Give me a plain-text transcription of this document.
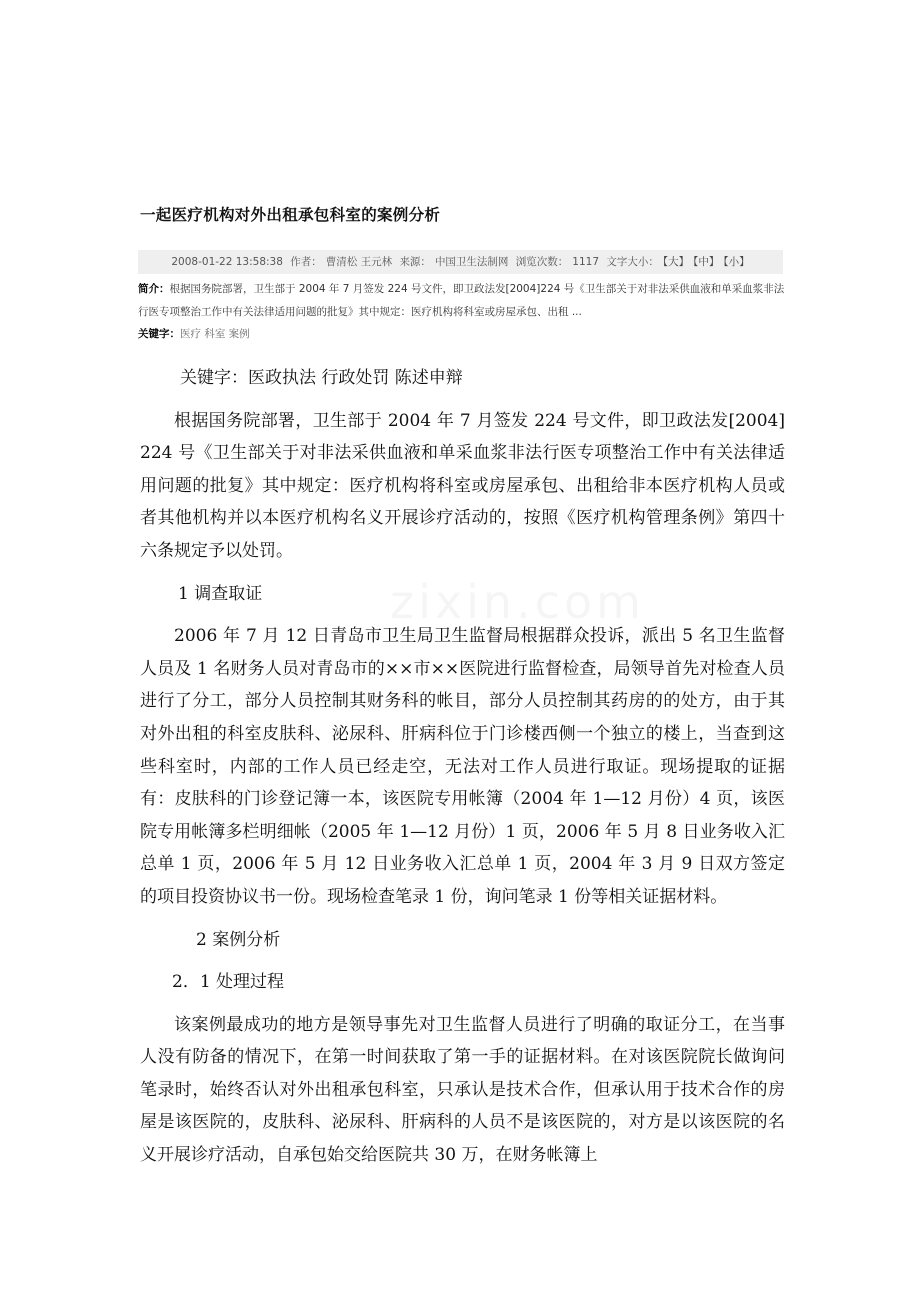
一起医疗机构对外出租承包科室的案例分析
2008-01-22 13:58:38 作者： 曹清松 王元林 来源： 中国卫生法制网 浏览次数： 1117 文字大小： 【大】 【中】 【小】
简介：根据国务院部署，卫生部于 2004 年 7 月签发 224 号文件，即卫政法发[2004]224 号《卫生部关于对非法采供血液和单采血浆非法行医专项整治工作中有关法律适用问题的批复》其中规定：医疗机构将科室或房屋承包、出租 ...
关键字：医疗 科室 案例

关键字：医政执法 行政处罚 陈述申辩

根据国务院部署，卫生部于 2004 年 7 月签发 224 号文件，即卫政法发[2004] 224 号《卫生部关于对非法采供血液和单采血浆非法行医专项整治工作中有关法律适用问题的批复》其中规定：医疗机构将科室或房屋承包、出租给非本医疗机构人员或者其他机构并以本医疗机构名义开展诊疗活动的，按照《医疗机构管理条例》第四十六条规定予以处罚。

1 调查取证

2006 年 7 月 12 日青岛市卫生局卫生监督局根据群众投诉，派出 5 名卫生监督人员及 1 名财务人员对青岛市的××市××医院进行监督检查，局领导首先对检查人员进行了分工，部分人员控制其财务科的帐目，部分人员控制其药房的的处方，由于其对外出租的科室皮肤科、泌尿科、肝病科位于门诊楼西侧一个独立的楼上，当查到这些科室时，内部的工作人员已经走空，无法对工作人员进行取证。现场提取的证据有：皮肤科的门诊登记簿一本，该医院专用帐簿（2004 年 1—12 月份）4 页，该医院专用帐簿多栏明细帐（2005 年 1—12 月份）1 页，2006 年 5 月 8 日业务收入汇总单 1 页，2006 年 5 月 12 日业务收入汇总单 1 页，2004 年 3 月 9 日双方签定的项目投资协议书一份。现场检查笔录 1 份，询问笔录 1 份等相关证据材料。

2 案例分析

2．1 处理过程

该案例最成功的地方是领导事先对卫生监督人员进行了明确的取证分工，在当事人没有防备的情况下，在第一时间获取了第一手的证据材料。在对该医院院长做询问笔录时，始终否认对外出租承包科室，只承认是技术合作，但承认用于技术合作的房屋是该医院的，皮肤科、泌尿科、肝病科的人员不是该医院的，对方是以该医院的名义开展诊疗活动，自承包始交给医院共 30 万，在财务帐簿上
